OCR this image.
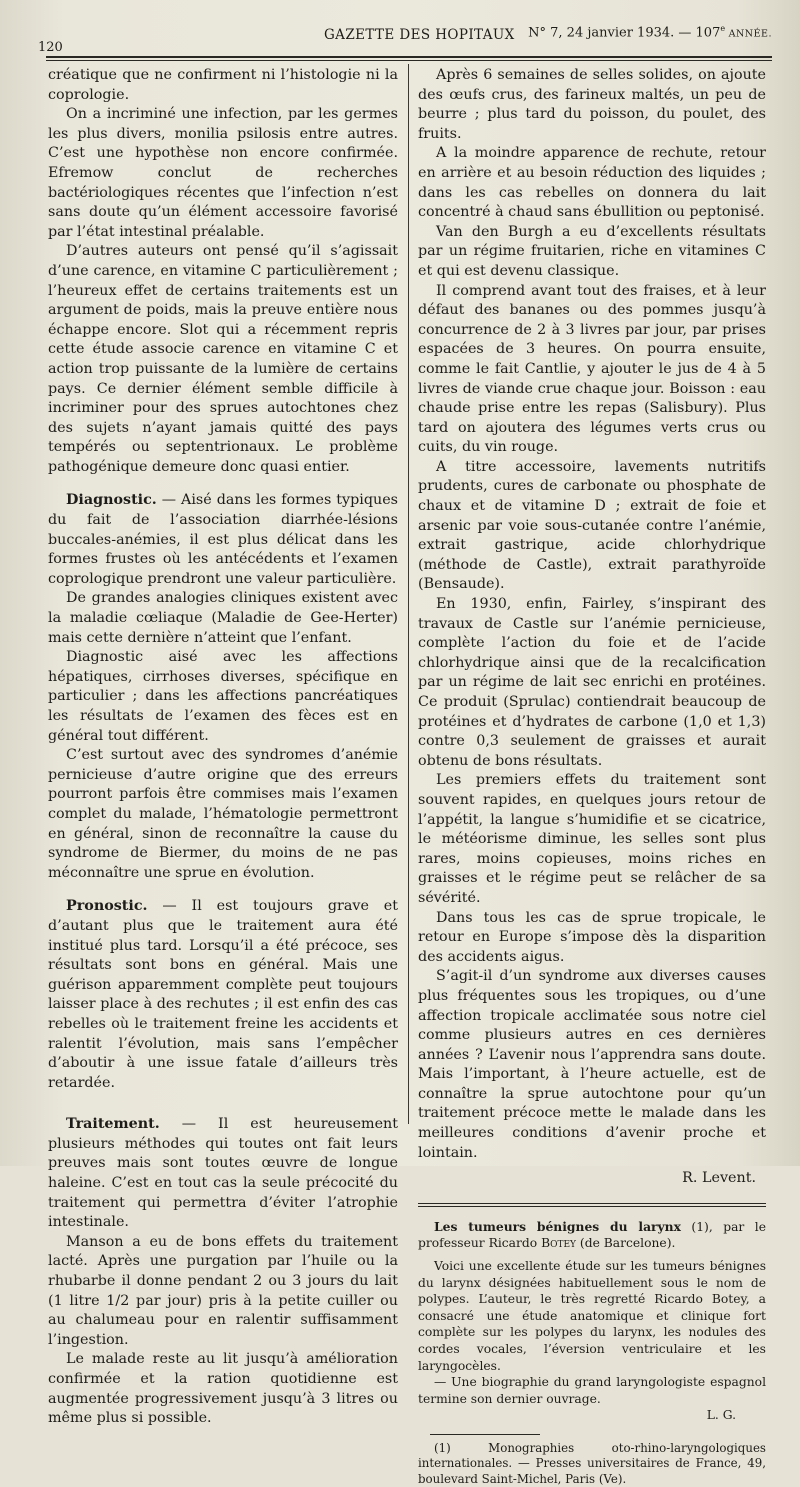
120
GAZETTE DES HOPITAUX N° 7, 24 janvier 1934. — 107e ANNÉE.

créatique que ne confirment ni l’histologie ni la coprologie.

On a incriminé une infection, par les germes les plus divers, monilia psilosis entre autres. C’est une hypothèse non encore confirmée. Efremow conclut de recherches bactériologiques récentes que l’infection n’est sans doute qu’un élément accessoire favorisé par l’état intestinal préalable.

D’autres auteurs ont pensé qu’il s’agissait d’une carence, en vitamine C particulièrement ; l’heureux effet de certains traitements est un argument de poids, mais la preuve entière nous échappe encore. Slot qui a récemment repris cette étude associe carence en vitamine C et action trop puissante de la lumière de certains pays. Ce dernier élément semble difficile à incriminer pour des sprues autochtones chez des sujets n’ayant jamais quitté des pays tempérés ou septentrionaux. Le problème pathogénique demeure donc quasi entier.

Diagnostic. — Aisé dans les formes typiques du fait de l’association diarrhée-lésions buccales-anémies, il est plus délicat dans les formes frustes où les antécédents et l’examen coprologique prendront une valeur particulière.

De grandes analogies cliniques existent avec la maladie cœliaque (Maladie de Gee-Herter) mais cette dernière n’atteint que l’enfant.

Diagnostic aisé avec les affections hépatiques, cirrhoses diverses, spécifique en particulier ; dans les affections pancréatiques les résultats de l’examen des fèces est en général tout différent.

C’est surtout avec des syndromes d’anémie pernicieuse d’autre origine que des erreurs pourront parfois être commises mais l’examen complet du malade, l’hématologie permettront en général, sinon de reconnaître la cause du syndrome de Biermer, du moins de ne pas méconnaître une sprue en évolution.

Pronostic. — Il est toujours grave et d’autant plus que le traitement aura été institué plus tard. Lorsqu’il a été précoce, ses résultats sont bons en général. Mais une guérison apparemment complète peut toujours laisser place à des rechutes ; il est enfin des cas rebelles où le traitement freine les accidents et ralentit l’évolution, mais sans l’empêcher d’aboutir à une issue fatale d’ailleurs très retardée.

Traitement. — Il est heureusement plusieurs méthodes qui toutes ont fait leurs preuves mais sont toutes œuvre de longue haleine. C’est en tout cas la seule précocité du traitement qui permettra d’éviter l’atrophie intestinale.

Manson a eu de bons effets du traitement lacté. Après une purgation par l’huile ou la rhubarbe il donne pendant 2 ou 3 jours du lait (1 litre 1/2 par jour) pris à la petite cuiller ou au chalumeau pour en ralentir suffisamment l’ingestion.

Le malade reste au lit jusqu’à amélioration confirmée et la ration quotidienne est augmentée progressivement jusqu’à 3 litres ou même plus si possible.

Après 6 semaines de selles solides, on ajoute des œufs crus, des farineux maltés, un peu de beurre ; plus tard du poisson, du poulet, des fruits.

A la moindre apparence de rechute, retour en arrière et au besoin réduction des liquides ; dans les cas rebelles on donnera du lait concentré à chaud sans ébullition ou peptonisé.

Van den Burgh a eu d’excellents résultats par un régime fruitarien, riche en vitamines C et qui est devenu classique.

Il comprend avant tout des fraises, et à leur défaut des bananes ou des pommes jusqu’à concurrence de 2 à 3 livres par jour, par prises espacées de 3 heures. On pourra ensuite, comme le fait Cantlie, y ajouter le jus de 4 à 5 livres de viande crue chaque jour. Boisson : eau chaude prise entre les repas (Salisbury). Plus tard on ajoutera des légumes verts crus ou cuits, du vin rouge.

A titre accessoire, lavements nutritifs prudents, cures de carbonate ou phosphate de chaux et de vitamine D ; extrait de foie et arsenic par voie sous-cutanée contre l’anémie, extrait gastrique, acide chlorhydrique (méthode de Castle), extrait parathyroïde (Bensaude).

En 1930, enfin, Fairley, s’inspirant des travaux de Castle sur l’anémie pernicieuse, complète l’action du foie et de l’acide chlorhydrique ainsi que de la recalcification par un régime de lait sec enrichi en protéines. Ce produit (Sprulac) contiendrait beaucoup de protéines et d’hydrates de carbone (1,0 et 1,3) contre 0,3 seulement de graisses et aurait obtenu de bons résultats.

Les premiers effets du traitement sont souvent rapides, en quelques jours retour de l’appétit, la langue s’humidifie et se cicatrice, le météorisme diminue, les selles sont plus rares, moins copieuses, moins riches en graisses et le régime peut se relâcher de sa sévérité.

Dans tous les cas de sprue tropicale, le retour en Europe s’impose dès la disparition des accidents aigus.

S’agit-il d’un syndrome aux diverses causes plus fréquentes sous les tropiques, ou d’une affection tropicale acclimatée sous notre ciel comme plusieurs autres en ces dernières années ? L’avenir nous l’apprendra sans doute. Mais l’important, à l’heure actuelle, est de connaître la sprue autochtone pour qu’un traitement précoce mette le malade dans les meilleures conditions d’avenir proche et lointain.

R. Levent.

Les tumeurs bénignes du larynx (1), par le professeur Ricardo Botey (de Barcelone).

Voici une excellente étude sur les tumeurs bénignes du larynx désignées habituellement sous le nom de polypes. L’auteur, le très regretté Ricardo Botey, a consacré une étude anatomique et clinique fort complète sur les polypes du larynx, les nodules des cordes vocales, l’éversion ventriculaire et les laryngocèles.

— Une biographie du grand laryngologiste espagnol termine son dernier ouvrage.

L. G.

(1) Monographies oto-rhino-laryngologiques internationales. — Presses universitaires de France, 49, boulevard Saint-Michel, Paris (Ve).
